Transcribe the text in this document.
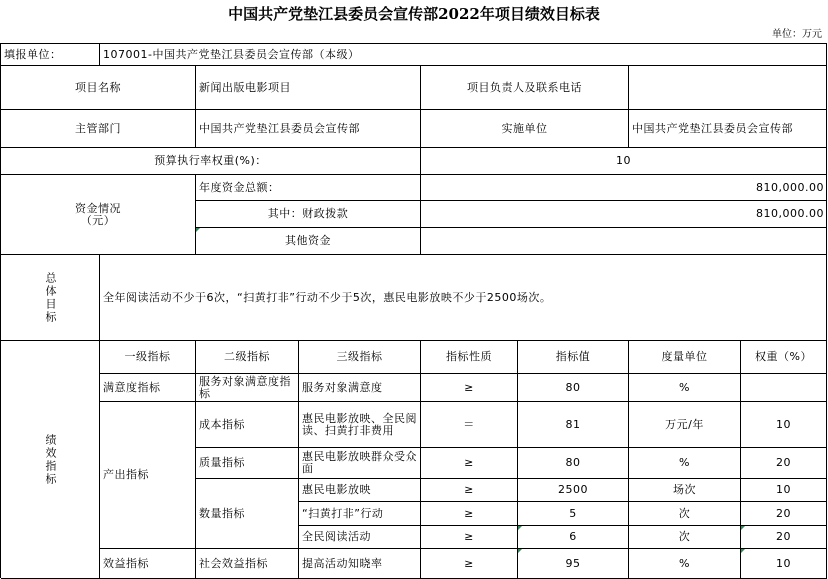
中国共产党垫江县委员会宣传部2022年项目绩效目标表
单位：万元
填报单位：	107001-中国共产党垫江县委员会宣传部（本级）
项目名称	新闻出版电影项目	项目负责人及联系电话
主管部门	中国共产党垫江县委员会宣传部	实施单位	中国共产党垫江县委员会宣传部
预算执行率权重(%)：	10
资金情况
（元）
年度资金总额：	810,000.00
其中：财政拨款	810,000.00
其他资金
总体目标	全年阅读活动不少于6次，“扫黄打非”行动不少于5次，惠民电影放映不少于2500场次。
绩效指标
一级指标	二级指标	三级指标	指标性质	指标值	度量单位	权重（%）
满意度指标	服务对象满意度指标	服务对象满意度	≥	80	%
产出指标
成本指标	惠民电影放映、全民阅读、扫黄打非费用	＝	81	万元/年	10
质量指标	惠民电影放映群众受众面	≥	80	%	20
数量指标
惠民电影放映	≥	2500	场次	10
“扫黄打非”行动	≥	5	次	20
全民阅读活动	≥	6	次	20
效益指标	社会效益指标	提高活动知晓率	≥	95	%	10
